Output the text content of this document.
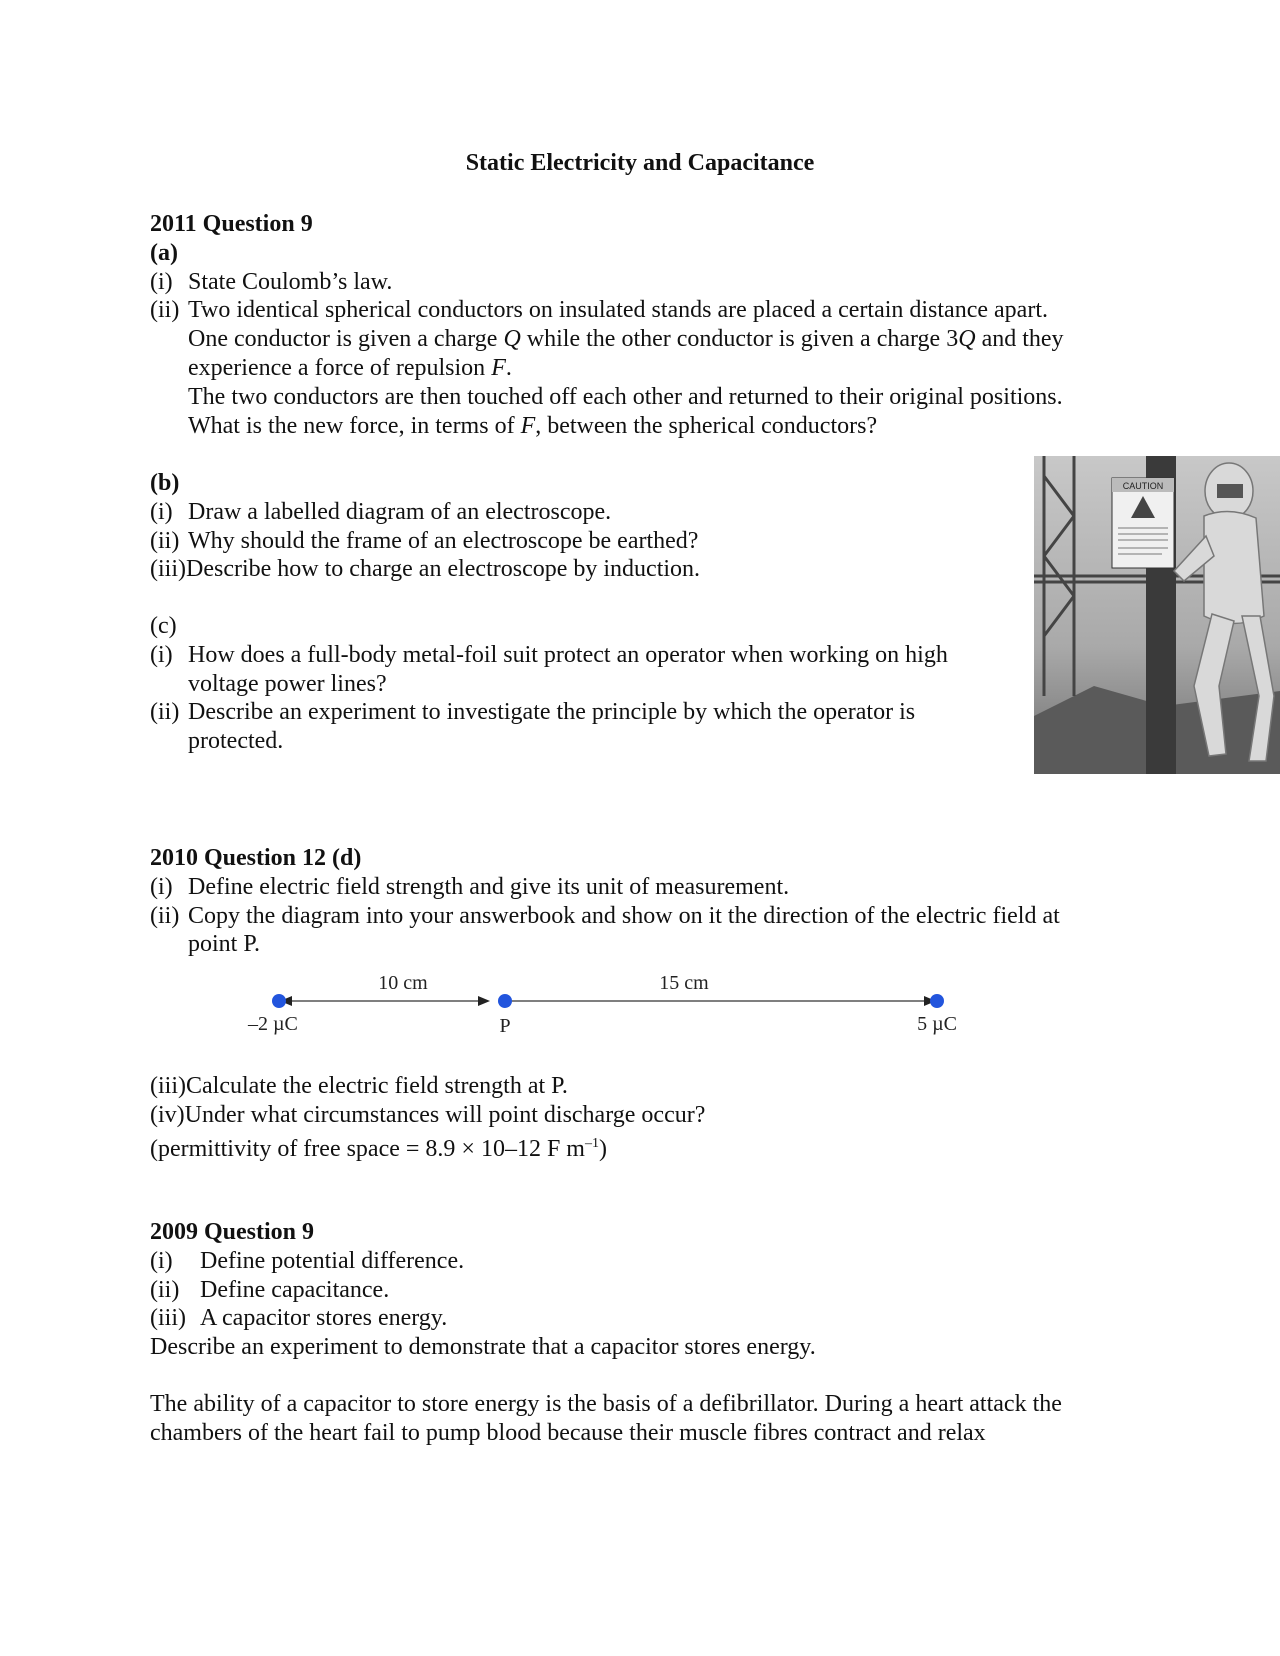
Static Electricity and Capacitance
2011 Question 9
(a)
(i) State Coulomb’s law.
(ii) Two identical spherical conductors on insulated stands are placed a certain distance apart.
One conductor is given a charge Q while the other conductor is given a charge 3Q and they
experience a force of repulsion F.
The two conductors are then touched off each other and returned to their original positions.
What is the new force, in terms of F, between the spherical conductors?
(b)
(i) Draw a labelled diagram of an electroscope.
(ii) Why should the frame of an electroscope be earthed?
(iii)Describe how to charge an electroscope by induction.
(c)
(i) How does a full-body metal-foil suit protect an operator when working on high
voltage power lines?
(ii) Describe an experiment to investigate the principle by which the operator is
protected.
CAUTION
2010 Question 12 (d)
(i) Define electric field strength and give its unit of measurement.
(ii) Copy the diagram into your answerbook and show on it the direction of the electric field at
point P.
10 cm	15 cm
–2 µC	P	5 µC
(iii)Calculate the electric field strength at P.
(iv)Under what circumstances will point discharge occur?
(permittivity of free space = 8.9 × 10–12 F $m^{-1}$)
2009 Question 9
(i) Define potential difference.
(ii) Define capacitance.
(iii) A capacitor stores energy.
Describe an experiment to demonstrate that a capacitor stores energy.
The ability of a capacitor to store energy is the basis of a defibrillator. During a heart attack the
chambers of the heart fail to pump blood because their muscle fibres contract and relax
